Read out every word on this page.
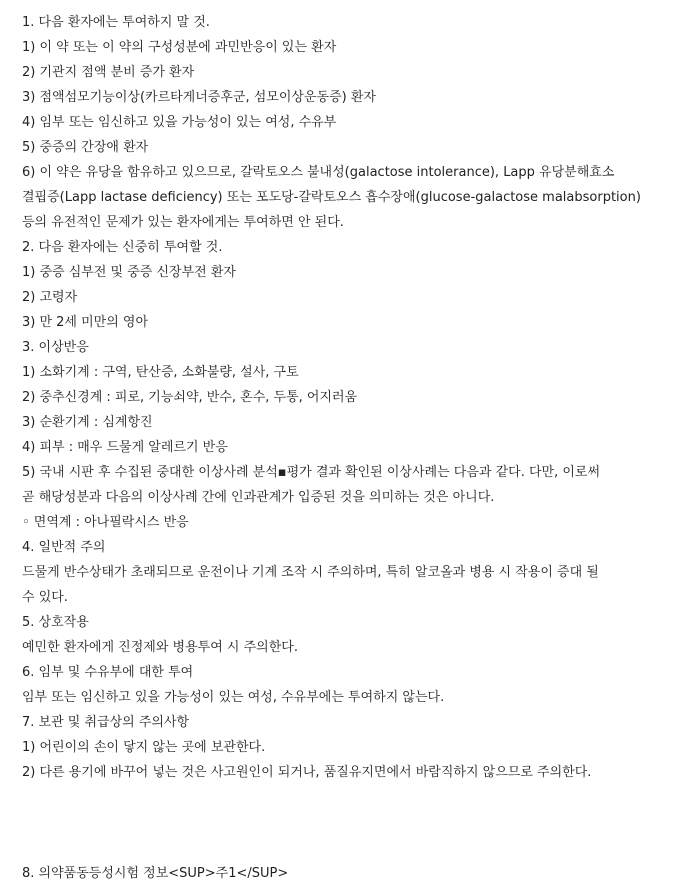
1. 다음 환자에는 투여하지 말 것.
1) 이 약 또는 이 약의 구성성분에 과민반응이 있는 환자
2) 기관지 점액 분비 증가 환자
3) 점액섬모기능이상(카르타게너증후군, 섬모이상운동증) 환자
4) 임부 또는 임신하고 있을 가능성이 있는 여성, 수유부
5) 중증의 간장애 환자
6) 이 약은 유당을 함유하고 있으므로, 갈락토오스 불내성(galactose intolerance), Lapp 유당분해효소
결핍증(Lapp lactase deficiency) 또는 포도당-갈락토오스 흡수장애(glucose-galactose malabsorption)
등의 유전적인 문제가 있는 환자에게는 투여하면 안 된다.
2. 다음 환자에는 신중히 투여할 것.
1) 중증 심부전 및 중증 신장부전 환자
2) 고령자
3) 만 2세 미만의 영아
3. 이상반응
1) 소화기계 : 구역, 탄산증, 소화불량, 설사, 구토
2) 중추신경계 : 피로, 기능쇠약, 반수, 혼수, 두통, 어지러움
3) 순환기계 : 심계항진
4) 피부 : 매우 드물게 알레르기 반응
5) 국내 시판 후 수집된 중대한 이상사례 분석▪평가 결과 확인된 이상사례는 다음과 같다. 다만, 이로써
곧 해당성분과 다음의 이상사례 간에 인과관계가 입증된 것을 의미하는 것은 아니다.
◦ 면역계 : 아나필락시스 반응
4. 일반적 주의
드물게 반수상태가 초래되므로 운전이나 기계 조작 시 주의하며, 특히 알코올과 병용 시 작용이 증대 될
수 있다.
5. 상호작용
예민한 환자에게 진정제와 병용투여 시 주의한다.
6. 임부 및 수유부에 대한 투여
임부 또는 임신하고 있을 가능성이 있는 여성, 수유부에는 투여하지 않는다.
7. 보관 및 취급상의 주의사항
1) 어린이의 손이 닿지 않는 곳에 보관한다.
2) 다른 용기에 바꾸어 넣는 것은 사고원인이 되거나, 품질유지면에서 바람직하지 않으므로 주의한다.
8. 의약품동등성시험 정보<SUP>주1</SUP>
